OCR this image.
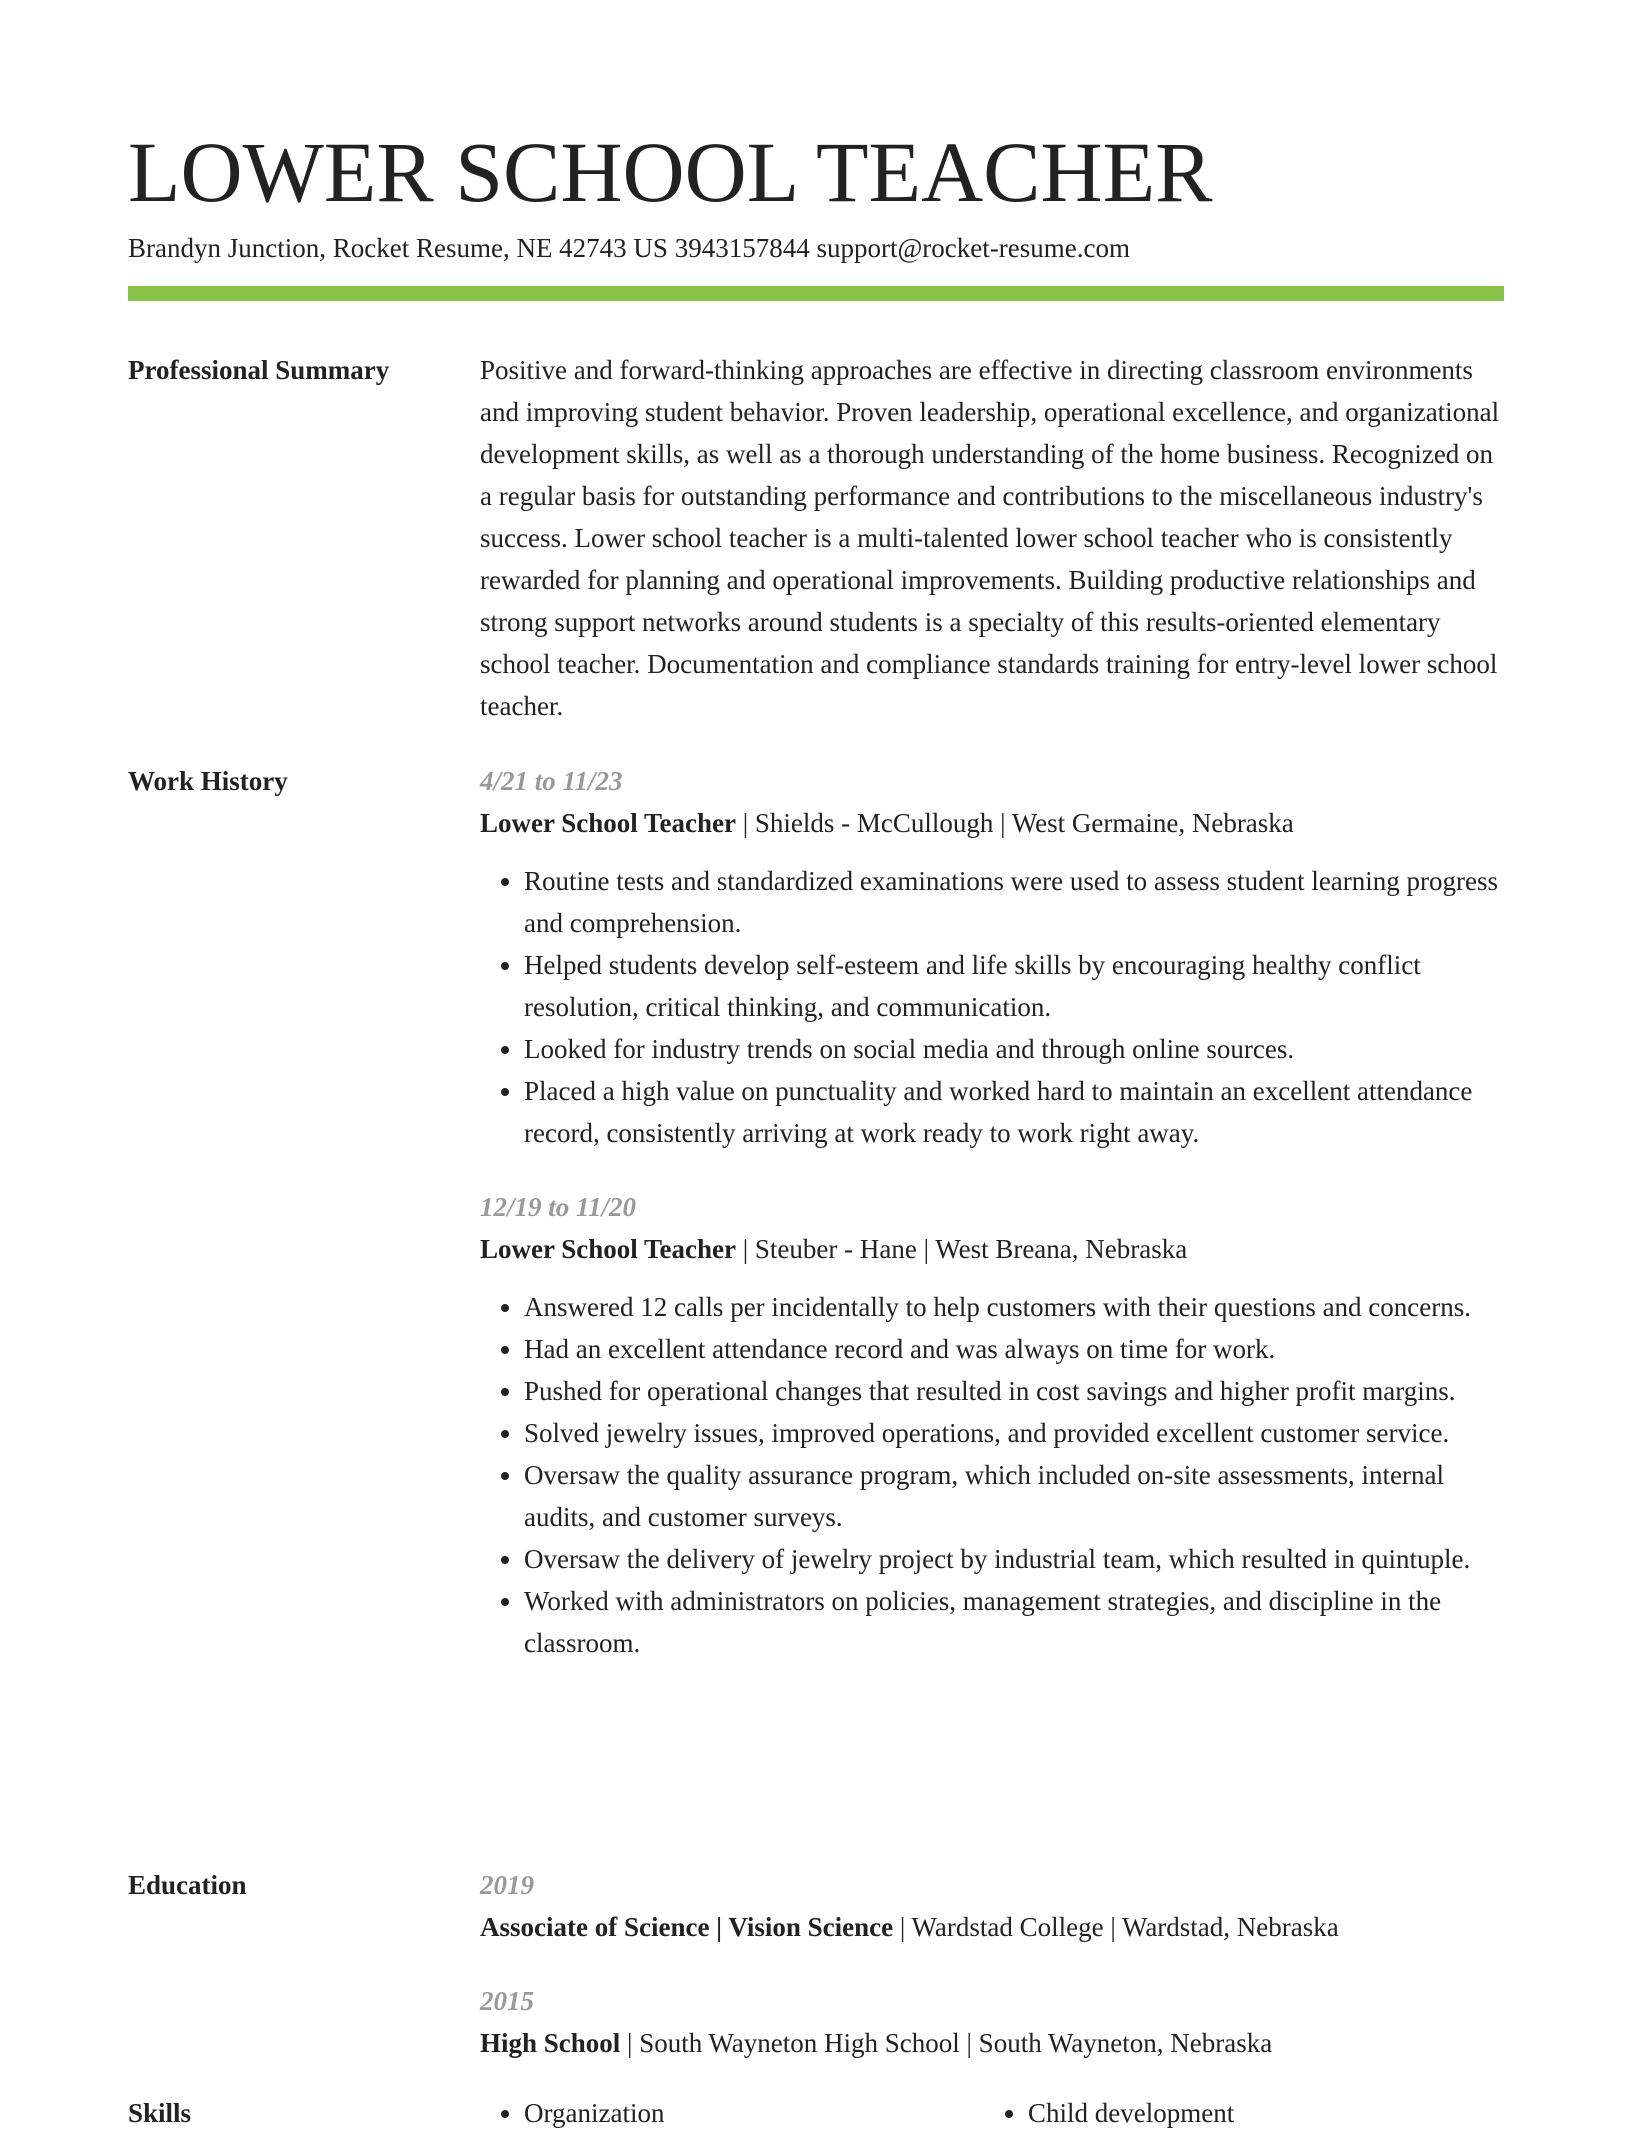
LOWER SCHOOL TEACHER
Brandyn Junction, Rocket Resume, NE 42743 US 3943157844 support@rocket-resume.com
Professional Summary	Positive and forward-thinking approaches are effective in directing classroom environments and improving student behavior. Proven leadership, operational excellence, and organizational development skills, as well as a thorough understanding of the home business. Recognized on a regular basis for outstanding performance and contributions to the miscellaneous industry's success. Lower school teacher is a multi-talented lower school teacher who is consistently rewarded for planning and operational improvements. Building productive relationships and strong support networks around students is a specialty of this results-oriented elementary school teacher. Documentation and compliance standards training for entry-level lower school teacher.

Work History	4/21 to 11/23
Lower School Teacher | Shields - McCullough | West Germaine, Nebraska
• Routine tests and standardized examinations were used to assess student learning progress and comprehension.
• Helped students develop self-esteem and life skills by encouraging healthy conflict resolution, critical thinking, and communication.
• Looked for industry trends on social media and through online sources.
• Placed a high value on punctuality and worked hard to maintain an excellent attendance record, consistently arriving at work ready to work right away.
12/19 to 11/20
Lower School Teacher | Steuber - Hane | West Breana, Nebraska
• Answered 12 calls per incidentally to help customers with their questions and concerns.
• Had an excellent attendance record and was always on time for work.
• Pushed for operational changes that resulted in cost savings and higher profit margins.
• Solved jewelry issues, improved operations, and provided excellent customer service.
• Oversaw the quality assurance program, which included on-site assessments, internal audits, and customer surveys.
• Oversaw the delivery of jewelry project by industrial team, which resulted in quintuple.
• Worked with administrators on policies, management strategies, and discipline in the classroom.
Education	2019
Associate of Science | Vision Science | Wardstad College | Wardstad, Nebraska
2015
High School | South Wayneton High School | South Wayneton, Nebraska
Skills	• Organization	• Child development
